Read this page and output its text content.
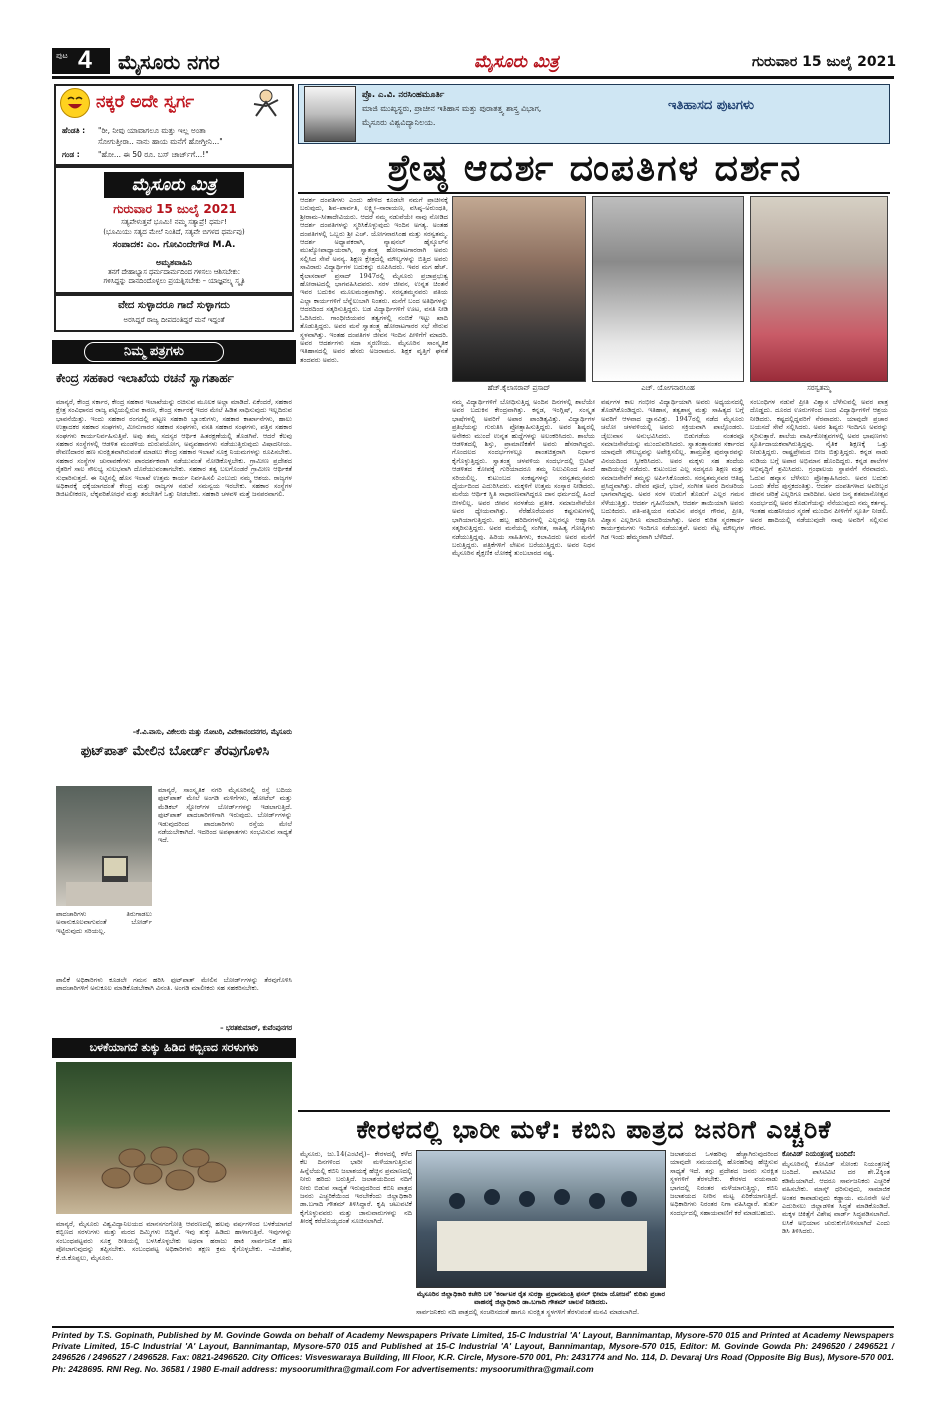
ಪುಟ 4 ಮೈಸೂರು ನಗರ	ಮೈಸೂರು ಮಿತ್ರ	ಗುರುವಾರ 15 ಜುಲೈ 2021
ನಕ್ಕರೆ ಅದೇ ಸ್ವರ್ಗ
ಹೆಂಡತಿ : "ರೀ, ನೀವು ಯಾವಾಗಲೂ ಮತ್ತು ಇಲ್ಲ ಅಂತಾ
ಸೋಗುತ್ತೀರಾ.. ನಾನು ಹಾಯ ಮನೆಗೆ ಹೋಗ್ತೀನಿ..."
ಗಂಡ : "ಹೋ... ಈ 50 ರೂ. ಬಸ್ ಚಾರ್ಜ್‌ಗೆ...!"
ಮೈಸೂರು ಮಿತ್ರ
ಗುರುವಾರ 15 ಜುಲೈ 2021
ಸತ್ಯಪೇಳುತ್ತವೆ ಭೂಮಿ! ನಮ್ಮ ಸತ್ಯಾಪ್ರೆ! ಧರ್ಮ!
(ಭೂಮಿಯು ಸತ್ಯದ ಮೇಲೆ ನಿಂತಿದೆ, ಸತ್ಯವೇ ಬಿಗಳದ ಧರ್ಮವು)
ಸಂಪಾದಕ: ಎಂ. ಗೋವಿಂದೇಗೌಡ M.A.
ಅಮೃತವಾಹಿನಿ
ತನಗೆ ದೇಹಾಭ್ಯಾಸ ಧರ್ಮದಾರ್ಮದಿಂದ ಗಳಿಸಲು ಆಶಿಸಬೇಕು:
ಗಳಿಸಿದ್ದನ್ನು ದಾನದಿಂದೊಳ್ಳಲು ಪ್ರಯತ್ನಿಸಬೇಕು – ಯಾಜ್ಞವಲ್ಕ್ಯ ಸ್ಮೃತಿ
ವೇದ ಸುಳ್ಳಾದರೂ ಗಾದೆ ಸುಳ್ಳಾಗದು
ಅರಸಿದ್ದರೆ ರಾಜ್ಯ ದೀಪದಂತಿದ್ದರೆ ಮನೆ ಇದ್ದಂತೆ
ನಿಮ್ಮ ಪತ್ರಗಳು
ಕೇಂದ್ರ ಸಹಕಾರ ಇಲಾಖೆಯ ರಚನೆ ಸ್ವಾಗತಾರ್ಹ
ಮಾನ್ಯರೆ, ಕೇಂದ್ರ ಸರ್ಕಾರ, ಕೇಂದ್ರ ಸಹಕಾರ ಇಲಾಖೆಯನ್ನು ರಚಿಸುವ ಮೂಲಕ ಅಲ್ಲಾ ಮಾಡಿದೆ. ಏಕೆಂದರೆ, ಸಹಕಾರ ಕ್ಷೇತ್ರ ಸಂವಿಧಾನದ ರಾಜ್ಯ ಪಟ್ಟಿಯಲ್ಲಿರುವ ಕಾರಣ, ಕೇಂದ್ರ ಸರ್ಕಾರಕ್ಕೆ ಇದರ ಮೇಲೆ ಹಿಡಿತ ಸಾಧಿಸುವುದು ಇಲ್ಲದಿರುವ ಭಾವನೆಯಿತ್ತು. ಇಂದು ಸಹಕಾರ ರಂಗದಲ್ಲಿ ಪಟ್ಟಣ ಸಹಕಾರಿ ಬ್ಯಾಂಕುಗಳು, ಸಹಕಾರ ಕಾರ್ಖಾನೆಗಳು, ಹಾಲು ಉತ್ಪಾದಕರ ಸಹಕಾರ ಸಂಘಗಳು, ಮೀನುಗಾರರ ಸಹಕಾರ ಸಂಘಗಳು, ವಸತಿ ಸಹಕಾರ ಸಂಘಗಳು, ಪತ್ತಿನ ಸಹಕಾರ ಸಂಘಗಳು ಕಾರ್ಯನಿರ್ವಹಿಸುತ್ತಿವೆ. ಅವು ತಮ್ಮ ಸದಸ್ಯರ ಆರ್ಥಿಕ ಹಿತರಕ್ಷಣೆಯಲ್ಲಿ ತೊಡಗಿವೆ. ಆದರೆ ಕೆಲವು ಸಹಕಾರ ಸಂಸ್ಥೆಗಳಲ್ಲಿ ಆಡಳಿತ ಮಂಡಳಿಯ ದುರುಪಯೋಗ, ಅವ್ಯವಹಾರಗಳು ನಡೆಯುತ್ತಿರುವುದು ವಿಷಾದನೀಯ. ಠೇವಣಿದಾರರ ಹಣ ಸುರಕ್ಷಿತವಾಗಿರುವಂತೆ ಮಾಡಲು ಕೇಂದ್ರ ಸಹಕಾರ ಇಲಾಖೆ ಸೂಕ್ತ ನಿಯಮಗಳನ್ನು ರೂಪಿಸಬೇಕು. ಸಹಕಾರ ಸಂಸ್ಥೆಗಳ ಚುನಾವಣೆಗಳು ಪಾರದರ್ಶಕವಾಗಿ ನಡೆಯುವಂತೆ ನೋಡಿಕೊಳ್ಳಬೇಕು. ಗ್ರಾಮೀಣ ಪ್ರದೇಶದ ರೈತರಿಗೆ ಸಾಲ ಸೌಲಭ್ಯ ಸುಲಭವಾಗಿ ದೊರೆಯುವಂತಾಗಬೇಕು. ಸಹಕಾರ ತತ್ವ ಬಲಗೊಂಡರೆ ಗ್ರಾಮೀಣ ಆರ್ಥಿಕತೆ ಸುಧಾರಿಸುತ್ತದೆ. ಈ ನಿಟ್ಟಿನಲ್ಲಿ ಹೊಸ ಇಲಾಖೆ ಉತ್ತಮ ಕಾರ್ಯ ನಿರ್ವಹಿಸಲಿ ಎಂಬುದು ನಮ್ಮ ಆಶಯ. ರಾಜ್ಯಗಳ ಅಧಿಕಾರಕ್ಕೆ ಧಕ್ಕೆಯಾಗದಂತೆ ಕೇಂದ್ರ ಮತ್ತು ರಾಜ್ಯಗಳ ನಡುವೆ ಸಮನ್ವಯ ಇರಬೇಕು. ಸಹಕಾರ ಸಂಸ್ಥೆಗಳ ಡಿಜಿಟಲೀಕರಣ, ಲೆಕ್ಕಪರಿಶೋಧನೆ ಮತ್ತು ತರಬೇತಿಗೆ ಒತ್ತು ನೀಡಬೇಕು. ಸಹಕಾರಿ ಚಳವಳಿ ಮತ್ತೆ ಜನಪರವಾಗಲಿ.
–ಕೆ.ವಿ.ವಾಸು, ವಿಕೇಲರು ಮತ್ತು ನೋಟರಿ, ವಿವೇಕಾನಂದನಗರ, ಮೈಸೂರು
ಫುಟ್‌ಪಾತ್ ಮೇಲಿನ ಬೋರ್ಡ್ ತೆರವುಗೊಳಿಸಿ
ಮಾನ್ಯರೆ, ಸಾಂಸ್ಕೃತಿಕ ನಗರಿ ಮೈಸೂರಿನಲ್ಲಿ ರಸ್ತೆ ಬದಿಯ ಫುಟ್‌ಪಾತ್ ಮೇಲೆ ಅಂಗಡಿ ಮಳಿಗೆಗಳು, ಹೋಟೆಲ್ ಮತ್ತು ಮೆಡಿಕಲ್ ಸ್ಟೋರ್‌ಗಳ ಬೋರ್ಡ್‌ಗಳನ್ನು ಇಡಲಾಗುತ್ತಿದೆ. ಫುಟ್‌ಪಾತ್ ಪಾದಚಾರಿಗಳಿಗಾಗಿ ಇರುವುದು. ಬೋರ್ಡ್‌ಗಳನ್ನು ಇಡುವುದರಿಂದ ಪಾದಚಾರಿಗಳು ರಸ್ತೆಯ ಮೇಲೆ ನಡೆಯಬೇಕಾಗಿದೆ. ಇದರಿಂದ ಅಪಘಾತಗಳು ಸಂಭವಿಸುವ ಸಾಧ್ಯತೆ ಇದೆ.
ಪಾದಚಾರಿಗಳು ತಿರುಗಾಡಲು ಅನಾನುಕೂಲವಾಗುವಂತೆ ಬೋರ್ಡ್ ಇಟ್ಟಿರುವುದು ಸರಿಯಲ್ಲ.
ಪಾಲಿಕೆ ಅಧಿಕಾರಿಗಳು ಕೂಡಲೇ ಗಮನ ಹರಿಸಿ ಫುಟ್‌ಪಾತ್ ಮೇಲಿನ ಬೋರ್ಡ್‌ಗಳನ್ನು ತೆರವುಗೊಳಿಸಿ ಪಾದಚಾರಿಗಳಿಗೆ ಅನುಕೂಲ ಮಾಡಿಕೊಡಬೇಕಾಗಿ ವಿನಂತಿ. ಅಂಗಡಿ ಮಾಲೀಕರು ಸಹ ಸಹಕರಿಸಬೇಕು.
– ಭರತಕುಮಾರ್, ಕುವೆಂಪುನಗರ
ಬಳಕೆಯಾಗದೆ ತುಕ್ಕು ಹಿಡಿದ ಕಬ್ಬಿಣದ ಸರಳುಗಳು
ಮಾನ್ಯರೆ, ಮೈಸೂರು ವಿಶ್ವವಿದ್ಯಾನಿಲಯದ ಮಾನಸಗಂಗೋತ್ರಿ ಆವರಣದಲ್ಲಿ ಹಲವು ವರ್ಷಗಳಿಂದ ಬಳಕೆಯಾಗದೆ ಕಬ್ಬಿಣದ ಸರಳುಗಳು ಮತ್ತು ಮರದ ದಿಮ್ಮಿಗಳು ಬಿದ್ದಿವೆ. ಇವು ತುಕ್ಕು ಹಿಡಿದು ಹಾಳಾಗುತ್ತಿವೆ. ಇವುಗಳನ್ನು ಸಂಬಂಧಪಟ್ಟವರು ಸೂಕ್ತ ರೀತಿಯಲ್ಲಿ ಬಳಸಿಕೊಳ್ಳಬೇಕು ಅಥವಾ ಹರಾಜು ಹಾಕಿ ಸಾರ್ವಜನಿಕ ಹಣ ಪೋಲಾಗುವುದನ್ನು ತಪ್ಪಿಸಬೇಕು. ಸಂಬಂಧಪಟ್ಟ ಅಧಿಕಾರಿಗಳು ತಕ್ಷಣ ಕ್ರಮ ಕೈಗೊಳ್ಳಬೇಕು. –ವಿಜಿತೇಶ, ಕೆ.ಜಿ.ಕೊಪ್ಪಲು, ಮೈಸೂರು.
ಪ್ರೊ. ಎ.ವಿ. ನರಸಿಂಹಮೂರ್ತಿ
ಮಾಜಿ ಮುಖ್ಯಸ್ಥರು, ಪ್ರಾಚೀನ ಇತಿಹಾಸ ಮತ್ತು ಪುರಾತತ್ತ್ವ ಶಾಸ್ತ್ರ ವಿಭಾಗ,
ಮೈಸೂರು ವಿಶ್ವವಿದ್ಯಾನಿಲಯ.
ಇತಿಹಾಸದ ಪುಟಗಳು
ಶ್ರೇಷ್ಠ ಆದರ್ಶ ದಂಪತಿಗಳ ದರ್ಶನ
ಆದರ್ಶ ದಂಪತಿಗಳು ಎಂದು ಹೇಳಿದ ಕೂಡಲೇ ನಮಗೆ ಪ್ರಾಚೀನಕ್ಕೆ ಬರುವುದು, ಶಿವ–ಪಾರ್ವತಿ, ಲಕ್ಷ್ಮೀ–ನಾರಾಯಣ, ವಸಿಷ್ಠ–ಅರುಂಧತಿ, ಶ್ರೀರಾಮ–ಸೀತಾದೇವಿಯರು. ಆದರೆ ನಮ್ಮ ನಡುವೆಯೇ ನಾವು ನೋಡಿದ ಆದರ್ಶ ದಂಪತಿಗಳನ್ನು ಸ್ಮರಿಸಿಕೊಳ್ಳುವುದು ಇಂದಿನ ಅಗತ್ಯ. ಅಂತಹ ದಂಪತಿಗಳಲ್ಲಿ ಒಬ್ಬರು ಶ್ರೀ ಎಚ್. ಯೋಗನಾರಸಿಂಹ ಮತ್ತು ಸರಸ್ವತಮ್ಮ. ಆದರ್ಶ ಅಧ್ಯಾಪಕರಾಗಿ, ನ್ಯಾಷನಲ್ ಹೈಸ್ಕೂಲ್‌ನ ಮುಖ್ಯೋಪಾಧ್ಯಾಯರಾಗಿ, ಸ್ವಾತಂತ್ರ್ಯ ಹೋರಾಟಗಾರರಾಗಿ ಅವರು ಸಲ್ಲಿಸಿದ ಸೇವೆ ಅನನ್ಯ. ಶಿಕ್ಷಣ ಕ್ಷೇತ್ರದಲ್ಲಿ ಮೌಲ್ಯಗಳನ್ನು ಬಿತ್ತಿದ ಅವರು ಸಾವಿರಾರು ವಿದ್ಯಾರ್ಥಿಗಳ ಬದುಕನ್ನು ರೂಪಿಸಿದರು. ಇವರ ಮಗ ಹೆಚ್. ಕೈಲಾಸರಾವ್ ಪ್ರಸಾದ್ 1947ರಲ್ಲಿ ಮೈಸೂರು ಪ್ರಜಾಪ್ರಭುತ್ವ ಹೋರಾಟದಲ್ಲಿ ಭಾಗವಹಿಸಿದವರು. ಸರಳ ಜೀವನ, ಉನ್ನತ ಚಿಂತನೆ ಇವರ ಬದುಕಿನ ಮೂಲಮಂತ್ರವಾಗಿತ್ತು. ಸರಸ್ವತಮ್ಮನವರು ಪತಿಯ ಎಲ್ಲಾ ಕಾರ್ಯಗಳಿಗೆ ಬೆನ್ನೆಲುಬಾಗಿ ನಿಂತರು. ಮನೆಗೆ ಬಂದ ಅತಿಥಿಗಳನ್ನು ಆದರದಿಂದ ಸತ್ಕರಿಸುತ್ತಿದ್ದರು. ಬಡ ವಿದ್ಯಾರ್ಥಿಗಳಿಗೆ ಊಟ, ವಸತಿ ನೀಡಿ ಓದಿಸಿದರು. ಗಾಂಧೀಜಿಯವರ ತತ್ವಗಳಲ್ಲಿ ನಂಬಿಕೆ ಇಟ್ಟು ಖಾದಿ ತೊಡುತ್ತಿದ್ದರು. ಅವರ ಮನೆ ಸ್ವಾತಂತ್ರ್ಯ ಹೋರಾಟಗಾರರ ಸಭೆ ಸೇರುವ ಸ್ಥಳವಾಗಿತ್ತು. ಇಂತಹ ದಂಪತಿಗಳ ಜೀವನ ಇಂದಿನ ಪೀಳಿಗೆಗೆ ಮಾದರಿ. ಅವರ ಆದರ್ಶಗಳು ಸದಾ ಸ್ಮರಣೀಯ. ಮೈಸೂರಿನ ಸಾಂಸ್ಕೃತಿಕ ಇತಿಹಾಸದಲ್ಲಿ ಅವರ ಹೆಸರು ಅಜರಾಮರ. ಶಿಕ್ಷಕ ವೃತ್ತಿಗೆ ಘನತೆ ತಂದವರು ಅವರು.
ಹೆಚ್.ಕೈಲಾಸರಾವ್ ಪ್ರಸಾದ್	ಎಚ್. ಯೋಗನಾರಸಿಂಹ	ಸರಸ್ವತಮ್ಮ
ನಮ್ಮ ವಿದ್ಯಾರ್ಥಿಗಳಿಗೆ ಬೋಧಿಸುತ್ತಿದ್ದ ಅಂದಿನ ದಿನಗಳಲ್ಲಿ ಶಾಲೆಯೇ ಅವರ ಬದುಕಿನ ಕೇಂದ್ರವಾಗಿತ್ತು. ಕನ್ನಡ, ಇಂಗ್ಲಿಷ್, ಸಂಸ್ಕೃತ ಭಾಷೆಗಳಲ್ಲಿ ಅವರಿಗೆ ಅಪಾರ ಪಾಂಡಿತ್ಯವಿತ್ತು. ವಿದ್ಯಾರ್ಥಿಗಳ ಪ್ರತಿಭೆಯನ್ನು ಗುರುತಿಸಿ ಪ್ರೋತ್ಸಾಹಿಸುತ್ತಿದ್ದರು. ಅವರ ಶಿಷ್ಯರಲ್ಲಿ ಅನೇಕರು ಮುಂದೆ ಉನ್ನತ ಹುದ್ದೆಗಳನ್ನು ಅಲಂಕರಿಸಿದರು. ಶಾಲೆಯ ಆಡಳಿತದಲ್ಲಿ ಶಿಸ್ತು, ಪ್ರಾಮಾಣಿಕತೆಗೆ ಅವರು ಹೆಸರಾಗಿದ್ದರು. ಗೊಂದಲದ ಸಂದರ್ಭಗಳಲ್ಲೂ ಶಾಂತಚಿತ್ತರಾಗಿ ನಿರ್ಧಾರ ಕೈಗೊಳ್ಳುತ್ತಿದ್ದರು. ಸ್ವಾತಂತ್ರ್ಯ ಚಳವಳಿಯ ಸಂದರ್ಭದಲ್ಲಿ ಬ್ರಿಟಿಷ್ ಆಡಳಿತದ ಕೋಪಕ್ಕೆ ಗುರಿಯಾದರೂ ತಮ್ಮ ನಿಲುವಿನಿಂದ ಹಿಂದೆ ಸರಿಯಲಿಲ್ಲ. ಕುಟುಂಬದ ಸಂಕಷ್ಟಗಳನ್ನು ಸರಸ್ವತಮ್ಮನವರು ಧೈರ್ಯದಿಂದ ಎದುರಿಸಿದರು. ಮಕ್ಕಳಿಗೆ ಉತ್ತಮ ಸಂಸ್ಕಾರ ನೀಡಿದರು. ಮನೆಯ ಆರ್ಥಿಕ ಸ್ಥಿತಿ ಸಾಧಾರಣವಾಗಿದ್ದರೂ ದಾನ ಧರ್ಮದಲ್ಲಿ ಹಿಂದೆ ಬೀಳಲಿಲ್ಲ. ಅವರ ಜೀವನ ಸರಳತೆಯ ಪ್ರತೀಕ. ಸಮಾಜಸೇವೆಯೇ ಅವರ ಧ್ಯೇಯವಾಗಿತ್ತು. ನೆರೆಹೊರೆಯವರ ಕಷ್ಟಸುಖಗಳಲ್ಲಿ ಭಾಗಿಯಾಗುತ್ತಿದ್ದರು. ಹಬ್ಬ ಹರಿದಿನಗಳಲ್ಲಿ ಎಲ್ಲರನ್ನೂ ಆಹ್ವಾನಿಸಿ ಸತ್ಕರಿಸುತ್ತಿದ್ದರು. ಅವರ ಮನೆಯಲ್ಲಿ ಸಂಗೀತ, ಸಾಹಿತ್ಯ ಗೋಷ್ಠಿಗಳು ನಡೆಯುತ್ತಿದ್ದವು. ಹಿರಿಯ ಸಾಹಿತಿಗಳು, ಕಲಾವಿದರು ಅವರ ಮನೆಗೆ ಬರುತ್ತಿದ್ದರು. ಪತ್ರಿಕೆಗಳಿಗೆ ಲೇಖನ ಬರೆಯುತ್ತಿದ್ದರು. ಅವರ ನಿಧನ ಮೈಸೂರಿನ ಶೈಕ್ಷಣಿಕ ಲೋಕಕ್ಕೆ ತುಂಬಲಾರದ ನಷ್ಟ.
ವರ್ಷಗಳ ಕಾಲ ಗಂಭೀರ ವಿದ್ಯಾರ್ಥಿಯಾಗಿ ಅವರು ಅಧ್ಯಯನದಲ್ಲಿ ತೊಡಗಿಕೊಂಡಿದ್ದರು. ಇತಿಹಾಸ, ತತ್ವಶಾಸ್ತ್ರ ಮತ್ತು ಸಾಹಿತ್ಯದ ಬಗ್ಗೆ ಅವರಿಗೆ ಆಳವಾದ ಜ್ಞಾನವಿತ್ತು. 1947ರಲ್ಲಿ ನಡೆದ ಮೈಸೂರು ಚಲೋ ಚಳವಳಿಯಲ್ಲಿ ಅವರು ಸಕ್ರಿಯವಾಗಿ ಪಾಲ್ಗೊಂಡರು. ಜೈಲುವಾಸ ಅನುಭವಿಸಿದರು. ಬಿಡುಗಡೆಯ ನಂತರವೂ ಸಮಾಜಸೇವೆಯನ್ನು ಮುಂದುವರಿಸಿದರು. ಸ್ವಾತಂತ್ರ್ಯಾನಂತರ ಸರ್ಕಾರದ ಯಾವುದೇ ಸೌಲಭ್ಯವನ್ನು ಅಪೇಕ್ಷಿಸಲಿಲ್ಲ. ತಾಮ್ರಪತ್ರ ಪುರಸ್ಕಾರವನ್ನು ವಿನಯದಿಂದ ಸ್ವೀಕರಿಸಿದರು. ಅವರ ಮಕ್ಕಳು ಸಹ ತಂದೆಯ ಹಾದಿಯಲ್ಲೇ ನಡೆದರು. ಕುಟುಂಬದ ಎಲ್ಲ ಸದಸ್ಯರೂ ಶಿಕ್ಷಣ ಮತ್ತು ಸಮಾಜಸೇವೆಗೆ ತಮ್ಮನ್ನು ಅರ್ಪಿಸಿಕೊಂಡರು. ಸರಸ್ವತಮ್ಮನವರ ಆತಿಥ್ಯ ಪ್ರಸಿದ್ಧವಾಗಿತ್ತು. ದೇವರ ಪೂಜೆ, ಭಜನೆ, ಸಂಗೀತ ಅವರ ದಿನಚರಿಯ ಭಾಗವಾಗಿದ್ದವು. ಅವರ ಸರಳ ಉಡುಗೆ ತೊಡುಗೆ ಎಲ್ಲರ ಗಮನ ಸೆಳೆಯುತ್ತಿತ್ತು. ಆದರ್ಶ ಗೃಹಿಣಿಯಾಗಿ, ಆದರ್ಶ ತಾಯಿಯಾಗಿ ಅವರು ಬದುಕಿದರು. ಪತಿ-ಪತ್ನಿಯರ ನಡುವಿನ ಪರಸ್ಪರ ಗೌರವ, ಪ್ರೀತಿ, ವಿಶ್ವಾಸ ಎಲ್ಲರಿಗೂ ಮಾದರಿಯಾಗಿತ್ತು. ಅವರ ಕುರಿತ ಸ್ಮರಣಾರ್ಥ ಕಾರ್ಯಕ್ರಮಗಳು ಇಂದಿಗೂ ನಡೆಯುತ್ತವೆ. ಅವರು ನೆಟ್ಟ ಮೌಲ್ಯಗಳ ಗಿಡ ಇಂದು ಹೆಮ್ಮರವಾಗಿ ಬೆಳೆದಿದೆ.
ಸಂಬಂಧಿಗಳ ನಡುವೆ ಪ್ರೀತಿ ವಿಶ್ವಾಸ ಬೆಳೆಸುವಲ್ಲಿ ಅವರ ಪಾತ್ರ ದೊಡ್ಡದು. ದೂರದ ಊರುಗಳಿಂದ ಬಂದ ವಿದ್ಯಾರ್ಥಿಗಳಿಗೆ ಆಶ್ರಯ ನೀಡಿದರು. ಕಷ್ಟದಲ್ಲಿದ್ದವರಿಗೆ ನೆರವಾದರು. ಯಾವುದೇ ಪ್ರಚಾರ ಬಯಸದೆ ಸೇವೆ ಸಲ್ಲಿಸಿದರು. ಅವರ ಶಿಷ್ಯರು ಇಂದಿಗೂ ಅವರನ್ನು ಸ್ಮರಿಸುತ್ತಾರೆ. ಶಾಲೆಯ ವಾರ್ಷಿಕೋತ್ಸವಗಳಲ್ಲಿ ಅವರ ಭಾಷಣಗಳು ಸ್ಫೂರ್ತಿದಾಯಕವಾಗಿರುತ್ತಿದ್ದವು. ನೈತಿಕ ಶಿಕ್ಷಣಕ್ಕೆ ಒತ್ತು ನೀಡುತ್ತಿದ್ದರು. ರಾಷ್ಟ್ರಪ್ರೇಮದ ಬೀಜ ಬಿತ್ತುತ್ತಿದ್ದರು. ಕನ್ನಡ ನಾಡು ನುಡಿಯ ಬಗ್ಗೆ ಅಪಾರ ಅಭಿಮಾನ ಹೊಂದಿದ್ದರು. ಕನ್ನಡ ಶಾಲೆಗಳ ಅಭಿವೃದ್ಧಿಗೆ ಶ್ರಮಿಸಿದರು. ಗ್ರಂಥಾಲಯ ಸ್ಥಾಪನೆಗೆ ನೆರವಾದರು. ಓದುವ ಹವ್ಯಾಸ ಬೆಳೆಸಲು ಪ್ರೋತ್ಸಾಹಿಸಿದರು. ಅವರ ಬದುಕು ಒಂದು ತೆರೆದ ಪುಸ್ತಕದಂತಿತ್ತು. ಆದರ್ಶ ದಂಪತಿಗಳಾದ ಅವರಿಬ್ಬರ ಜೀವನ ಚರಿತ್ರೆ ಎಲ್ಲರಿಗೂ ದಾರಿದೀಪ. ಅವರ ಜನ್ಮ ಶತಮಾನೋತ್ಸವ ಸಂದರ್ಭದಲ್ಲಿ ಅವರ ಕೊಡುಗೆಯನ್ನು ನೆನೆಯುವುದು ನಮ್ಮ ಕರ್ತವ್ಯ. ಇಂತಹ ಮಹನೀಯರ ಸ್ಮರಣೆ ಮುಂದಿನ ಪೀಳಿಗೆಗೆ ಸ್ಫೂರ್ತಿ ನೀಡಲಿ. ಅವರ ಹಾದಿಯಲ್ಲಿ ನಡೆಯುವುದೇ ನಾವು ಅವರಿಗೆ ಸಲ್ಲಿಸುವ ಗೌರವ.
ಕೇರಳದಲ್ಲಿ ಭಾರೀ ಮಳೆ: ಕಬಿನಿ ಪಾತ್ರದ ಜನರಿಗೆ ಎಚ್ಚರಿಕೆ
ಮೈಸೂರು, ಜು.14(ಎಂಟಿವೈ)– ಕೇರಳದಲ್ಲಿ ಕಳೆದ ಕೆಲ ದಿನಗಳಿಂದ ಭಾರೀ ಮಳೆಯಾಗುತ್ತಿರುವ ಹಿನ್ನೆಲೆಯಲ್ಲಿ ಕಬಿನಿ ಜಲಾಶಯಕ್ಕೆ ಹೆಚ್ಚಿನ ಪ್ರಮಾಣದಲ್ಲಿ ನೀರು ಹರಿದು ಬರುತ್ತಿದೆ. ಜಲಾಶಯದಿಂದ ನದಿಗೆ ನೀರು ಬಿಡುವ ಸಾಧ್ಯತೆ ಇರುವುದರಿಂದ ಕಬಿನಿ ಪಾತ್ರದ ಜನರು ಎಚ್ಚರಿಕೆಯಿಂದ ಇರಬೇಕೆಂದು ಜಿಲ್ಲಾಧಿಕಾರಿ ಡಾ.ಬಗಾದಿ ಗೌತಮ್ ತಿಳಿಸಿದ್ದಾರೆ. ಕೃಷಿ ಚಟುವಟಿಕೆ ಕೈಗೊಳ್ಳುವವರು ಮತ್ತು ಜಾನುವಾರುಗಳನ್ನು ನದಿ ತೀರಕ್ಕೆ ಕರೆದೊಯ್ಯದಂತೆ ಸೂಚಿಸಲಾಗಿದೆ.
ಮೈಸೂರಿನ ಜಿಲ್ಲಾಧಿಕಾರಿ ಕಚೇರಿ ಬಳಿ 'ಕರ್ನಾಟಕ ರೈತ ಸುರಕ್ಷಾ ಪ್ರಧಾನಮಂತ್ರಿ ಫಸಲ್ ಭೀಮಾ ಯೋಜನೆ' ಕುರಿತು ಪ್ರಚಾರ ವಾಹನಕ್ಕೆ ಜಿಲ್ಲಾಧಿಕಾರಿ ಡಾ.ಬಗಾದಿ ಗೌತಮ್ ಚಾಲನೆ ನೀಡಿದರು.
ಸಾರ್ವಜನಿಕರು ನದಿ ಪಾತ್ರದಲ್ಲಿ ಸಂಚರಿಸದಂತೆ ಹಾಗೂ ಸುರಕ್ಷಿತ ಸ್ಥಳಗಳಿಗೆ ತೆರಳುವಂತೆ ಮನವಿ ಮಾಡಲಾಗಿದೆ.
ಜಲಾಶಯದ ಒಳಹರಿವು ಹೆಚ್ಚಾಗಿರುವುದರಿಂದ ಯಾವುದೇ ಸಮಯದಲ್ಲಿ ಹೊರಹರಿವು ಹೆಚ್ಚಿಸುವ ಸಾಧ್ಯತೆ ಇದೆ. ತಗ್ಗು ಪ್ರದೇಶದ ಜನರು ಸುರಕ್ಷಿತ ಸ್ಥಳಗಳಿಗೆ ತೆರಳಬೇಕು. ಕೇರಳದ ವಯನಾಡು ಭಾಗದಲ್ಲಿ ನಿರಂತರ ಮಳೆಯಾಗುತ್ತಿದ್ದು, ಕಬಿನಿ ಜಲಾಶಯದ ನೀರಿನ ಮಟ್ಟ ಏರಿಕೆಯಾಗುತ್ತಿದೆ. ಅಧಿಕಾರಿಗಳು ನಿರಂತರ ನಿಗಾ ವಹಿಸಿದ್ದಾರೆ. ತುರ್ತು ಸಂದರ್ಭದಲ್ಲಿ ಸಹಾಯವಾಣಿಗೆ ಕರೆ ಮಾಡಬಹುದು.
ಕೋವಿಡ್ ನಿಯಂತ್ರಣಕ್ಕೆ ಬಂದಿದೆ:
ಮೈಸೂರಿನಲ್ಲಿ ಕೋವಿಡ್ ಸೋಂಕು ನಿಯಂತ್ರಣಕ್ಕೆ ಬಂದಿದೆ. ಪಾಸಿಟಿವಿಟಿ ದರ ಶೇ.2ಕ್ಕಿಂತ ಕಡಿಮೆಯಾಗಿದೆ. ಆದರೂ ಸಾರ್ವಜನಿಕರು ಎಚ್ಚರಿಕೆ ವಹಿಸಬೇಕು. ಮಾಸ್ಕ್ ಧರಿಸುವುದು, ಸಾಮಾಜಿಕ ಅಂತರ ಕಾಪಾಡುವುದು ಕಡ್ಡಾಯ. ಮೂರನೇ ಅಲೆ ಎದುರಿಸಲು ಜಿಲ್ಲಾಡಳಿತ ಸಿದ್ಧತೆ ಮಾಡಿಕೊಂಡಿದೆ. ಮಕ್ಕಳ ಚಿಕಿತ್ಸೆಗೆ ವಿಶೇಷ ವಾರ್ಡ್ ಸಿದ್ಧಪಡಿಸಲಾಗಿದೆ. ಲಸಿಕೆ ಅಭಿಯಾನ ಚುರುಕುಗೊಳಿಸಲಾಗಿದೆ ಎಂದು ಡಿಸಿ ತಿಳಿಸಿದರು.
Printed by T.S. Gopinath, Published by M. Govinde Gowda on behalf of Academy Newspapers Private Limited, 15-C Industrial 'A' Layout, Bannimantap, Mysore-570 015 and Printed at Academy Newspapers Private Limited, 15-C Industrial 'A' Layout, Bannimantap, Mysore-570 015 and Published at 15-C Industrial 'A' Layout, Bannimantap, Mysore-570 015, Editor: M. Govinde Gowda Ph: 2496520 / 2496521 / 2496526 / 2496527 / 2496528. Fax: 0821-2496520. City Offices: Visveswaraya Building, III Floor, K.R. Circle, Mysore-570 001, Ph: 2431774 and No. 114, D. Devaraj Urs Road (Opposite Big Bus), Mysore-570 001. Ph: 2428695. RNI Reg. No. 36581 / 1980 E-mail address: mysoorumithra@gmail.com For advertisements: mysoorumithra@gmail.com
